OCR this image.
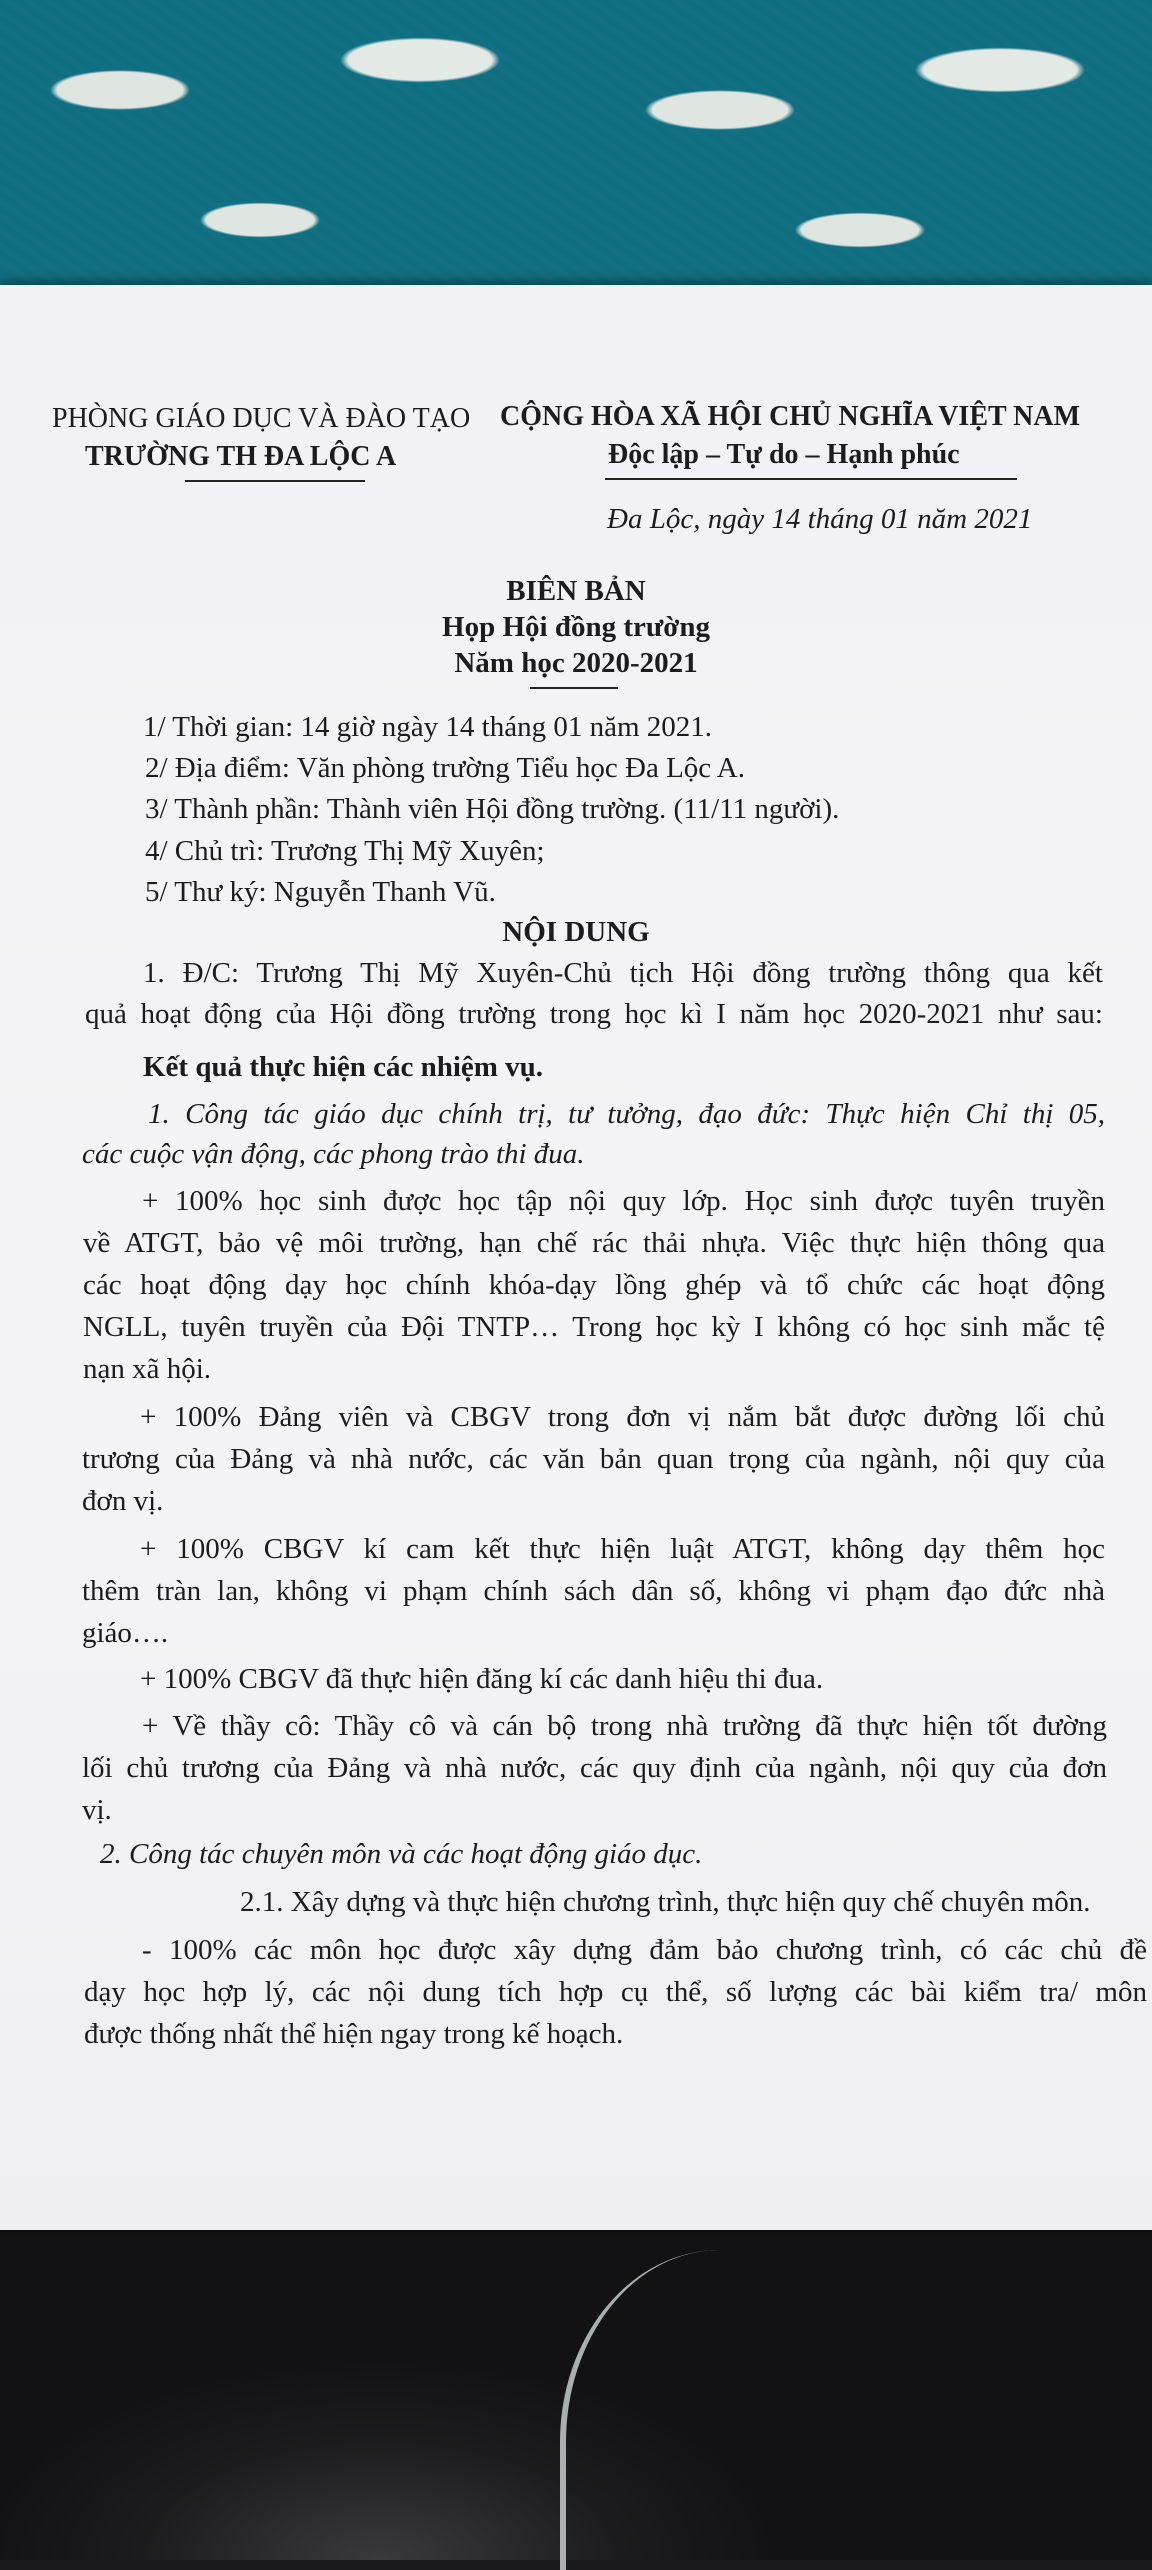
PHÒNG GIÁO DỤC VÀ ĐÀO TẠO
TRƯỜNG TH ĐA LỘC A
CỘNG HÒA XÃ HỘI CHỦ NGHĨA VIỆT NAM
Độc lập – Tự do – Hạnh phúc
Đa Lộc, ngày 14 tháng 01 năm 2021
BIÊN BẢN
Họp Hội đồng trường
Năm học 2020-2021
1/ Thời gian: 14 giờ ngày 14 tháng 01 năm 2021.
2/ Địa điểm: Văn phòng trường Tiểu học Đa Lộc A.
3/ Thành phần: Thành viên Hội đồng trường. (11/11 người).
4/ Chủ trì: Trương Thị Mỹ Xuyên;
5/ Thư ký: Nguyễn Thanh Vũ.
NỘI DUNG
1. Đ/C: Trương Thị Mỹ Xuyên-Chủ tịch Hội đồng trường thông qua kết
quả hoạt động của Hội đồng trường trong học kì I năm học 2020-2021 như sau:
Kết quả thực hiện các nhiệm vụ.
1. Công tác giáo dục chính trị, tư tưởng, đạo đức: Thực hiện Chỉ thị 05,
các cuộc vận động, các phong trào thi đua.
+ 100% học sinh được học tập nội quy lớp. Học sinh được tuyên truyền
về ATGT, bảo vệ môi trường, hạn chế rác thải nhựa. Việc thực hiện thông qua
các hoạt động dạy học chính khóa-dạy lồng ghép và tổ chức các hoạt động
NGLL, tuyên truyền của Đội TNTP… Trong học kỳ I không có học sinh mắc tệ
nạn xã hội.
+ 100% Đảng viên và CBGV trong đơn vị nắm bắt được đường lối chủ
trương của Đảng và nhà nước, các văn bản quan trọng của ngành, nội quy của
đơn vị.
+ 100% CBGV kí cam kết thực hiện luật ATGT, không dạy thêm học
thêm tràn lan, không vi phạm chính sách dân số, không vi phạm đạo đức nhà
giáo….
+ 100% CBGV đã thực hiện đăng kí các danh hiệu thi đua.
+ Về thầy cô: Thầy cô và cán bộ trong nhà trường đã thực hiện tốt đường
lối chủ trương của Đảng và nhà nước, các quy định của ngành, nội quy của đơn
vị.
2. Công tác chuyên môn và các hoạt động giáo dục.
2.1. Xây dựng và thực hiện chương trình, thực hiện quy chế chuyên môn.
- 100% các môn học được xây dựng đảm bảo chương trình, có các chủ đề
dạy học hợp lý, các nội dung tích hợp cụ thể, số lượng các bài kiểm tra/ môn
được thống nhất thể hiện ngay trong kế hoạch.
